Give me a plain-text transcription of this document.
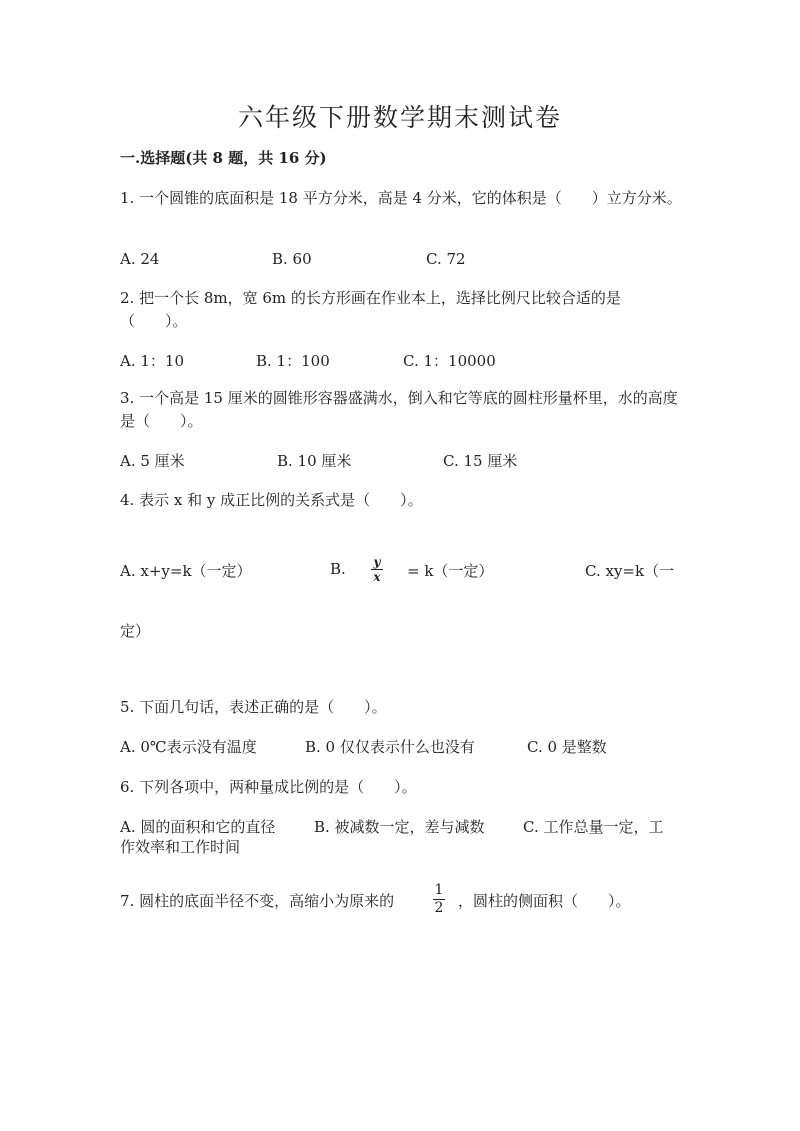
六年级下册数学期末测试卷
一.选择题(共 8 题，共 16 分)
1. 一个圆锥的底面积是 18 平方分米，高是 4 分米，它的体积是（　　）立方分米。
A. 24	B. 60	C. 72
2. 把一个长 8m，宽 6m 的长方形画在作业本上，选择比例尺比较合适的是（　　）。
A. 1：10	B. 1：100	C. 1：10000
3. 一个高是 15 厘米的圆锥形容器盛满水，倒入和它等底的圆柱形量杯里，水的高度是（　　）。
A. 5 厘米	B. 10 厘米	C. 15 厘米
4. 表示 x 和 y 成正比例的关系式是（　　）。
A. x+y=k（一定）	B. y
x = k（一定）	C. xy=k（一
定）
5. 下面几句话，表述正确的是（　　）。
A. 0℃表示没有温度	B. 0 仅仅表示什么也没有	C. 0 是整数
6. 下列各项中，两种量成比例的是（　　）。
A. 圆的面积和它的直径	B. 被减数一定，差与减数	C. 工作总量一定，工
作效率和工作时间
7. 圆柱的底面半径不变，高缩小为原来的
1
2 ，圆柱的侧面积（　　）。
